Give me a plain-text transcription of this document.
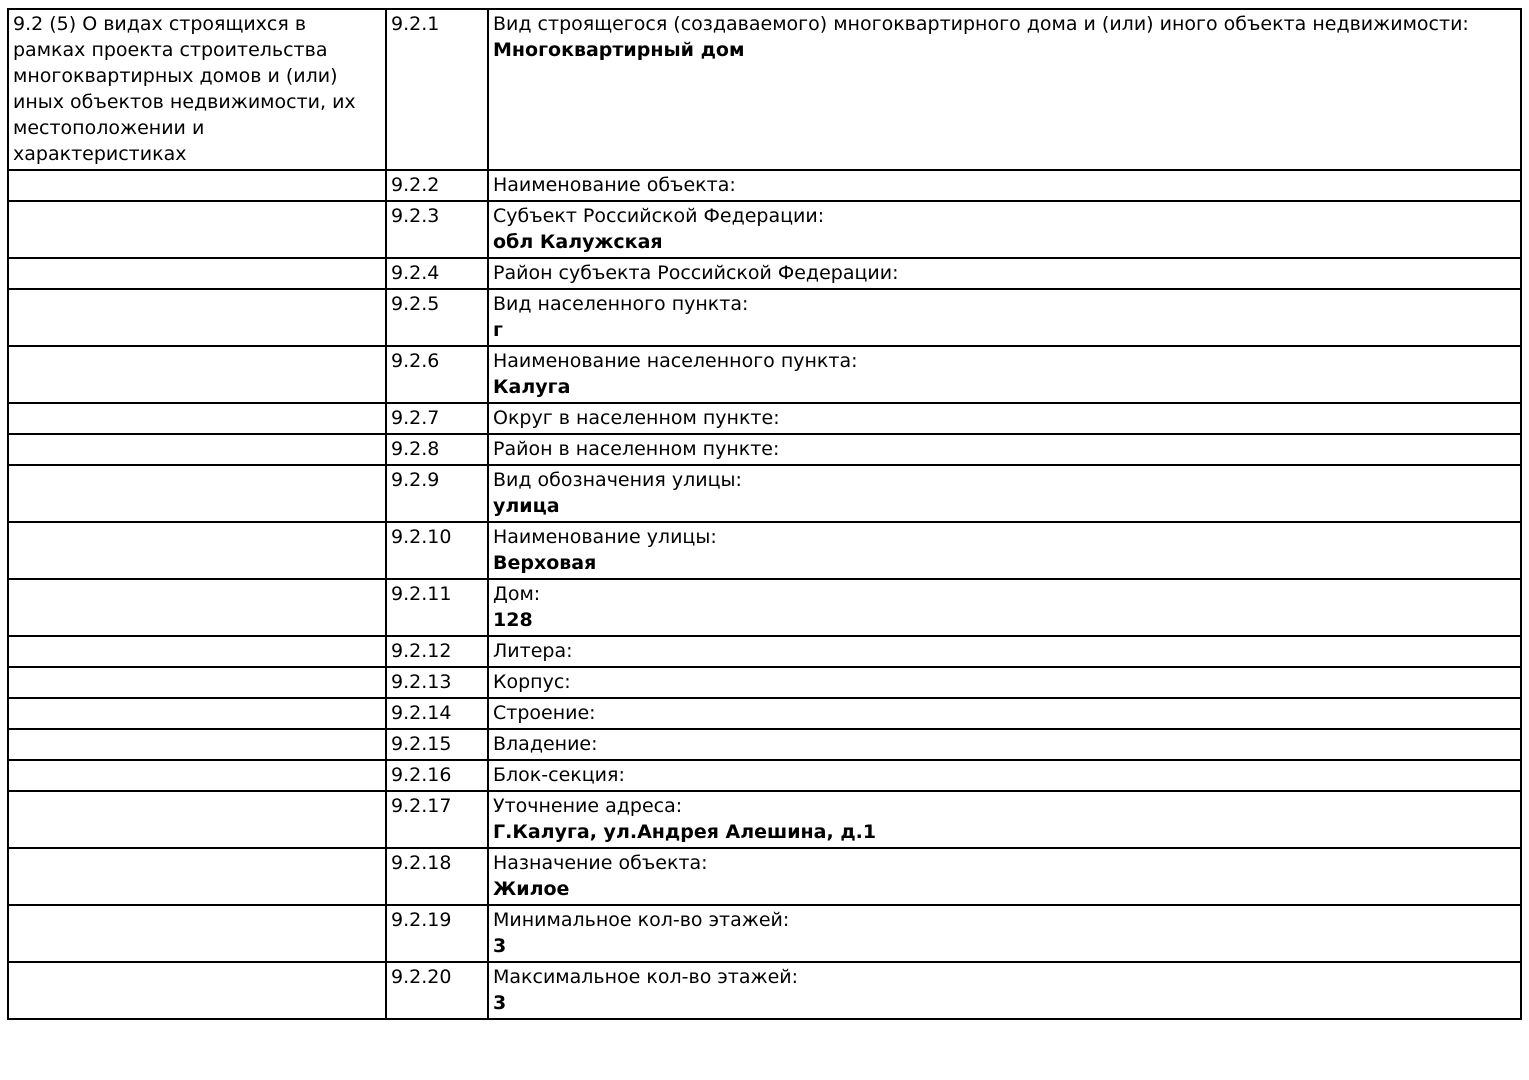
9.2 (5) О видах строящихся в рамках проекта строительства многоквартирных домов и (или) иных объектов недвижимости, их местоположении и характеристиках	9.2.1	Вид строящегося (создаваемого) многоквартирного дома и (или) иного объекта недвижимости:
Многоквартирный дом

	9.2.2	Наименование объекта:

	9.2.3	Субъект Российской Федерации:
обл Калужская

	9.2.4	Район субъекта Российской Федерации:

	9.2.5	Вид населенного пункта:
г

	9.2.6	Наименование населенного пункта:
Калуга

	9.2.7	Округ в населенном пункте:

	9.2.8	Район в населенном пункте:

	9.2.9	Вид обозначения улицы:
улица

	9.2.10	Наименование улицы:
Верховая

	9.2.11	Дом:
128

	9.2.12	Литера:

	9.2.13	Корпус:

	9.2.14	Строение:

	9.2.15	Владение:

	9.2.16	Блок-секция:

	9.2.17	Уточнение адреса:
Г.Калуга, ул.Андрея Алешина, д.1

	9.2.18	Назначение объекта:
Жилое

	9.2.19	Минимальное кол-во этажей:
3

	9.2.20	Максимальное кол-во этажей:
3
